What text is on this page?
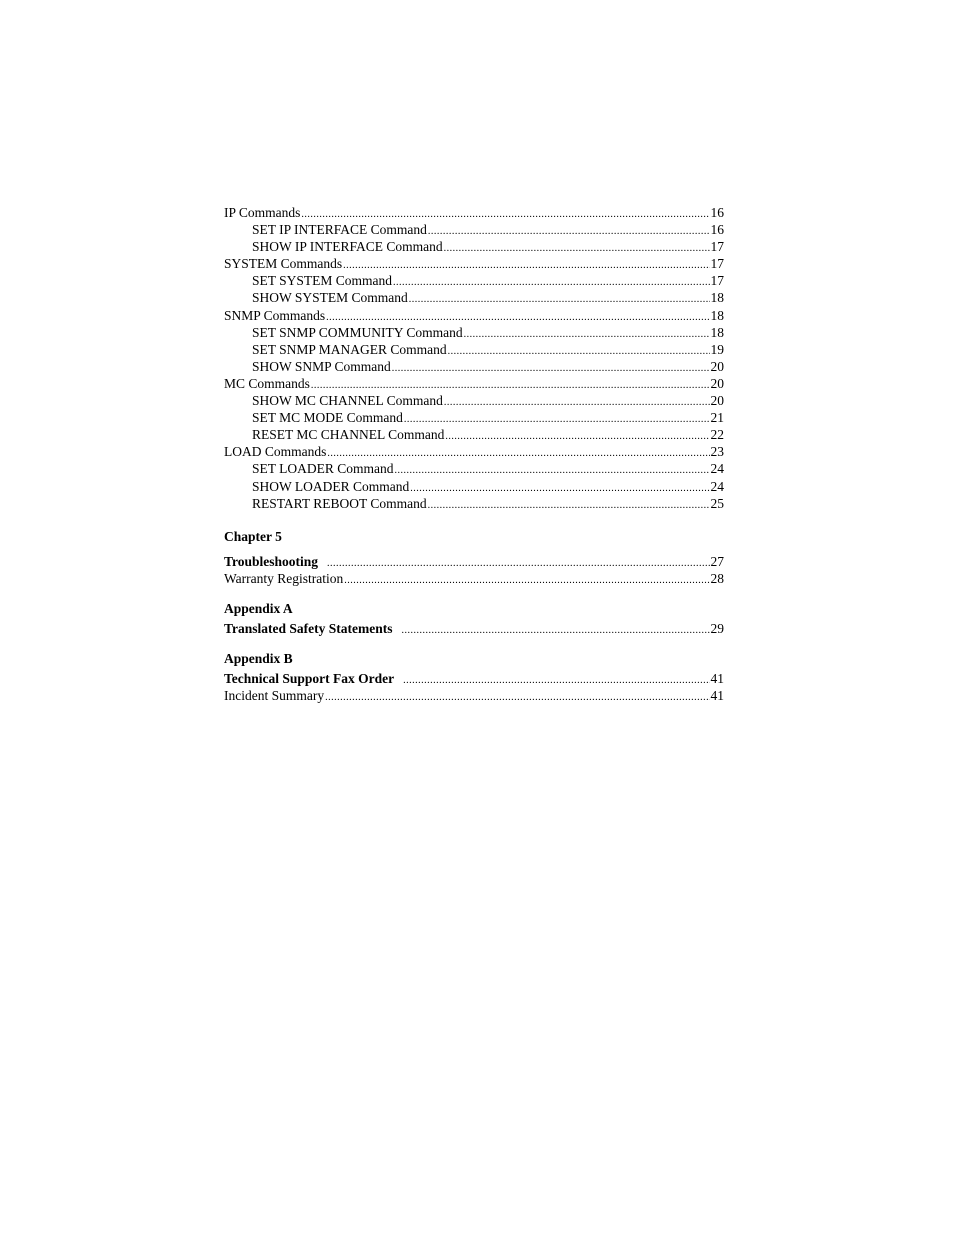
IP Commands .....	16
SET IP INTERFACE Command .....	16
SHOW IP INTERFACE Command .....	17
SYSTEM Commands .....	17
SET SYSTEM Command .....	17
SHOW SYSTEM Command .....	18
SNMP Commands .....	18
SET SNMP COMMUNITY Command .....	18
SET SNMP MANAGER Command .....	19
SHOW SNMP Command .....	20
MC Commands .....	20
SHOW MC CHANNEL Command .....	20
SET MC MODE Command .....	21
RESET MC CHANNEL Command .....	22
LOAD Commands .....	23
SET LOADER Command .....	24
SHOW LOADER Command .....	24
RESTART REBOOT Command .....	25
Chapter 5
Troubleshooting .....	27
Warranty Registration .....	28
Appendix A
Translated Safety Statements .....	29
Appendix B
Technical Support Fax Order .....	41
Incident Summary .....	41
